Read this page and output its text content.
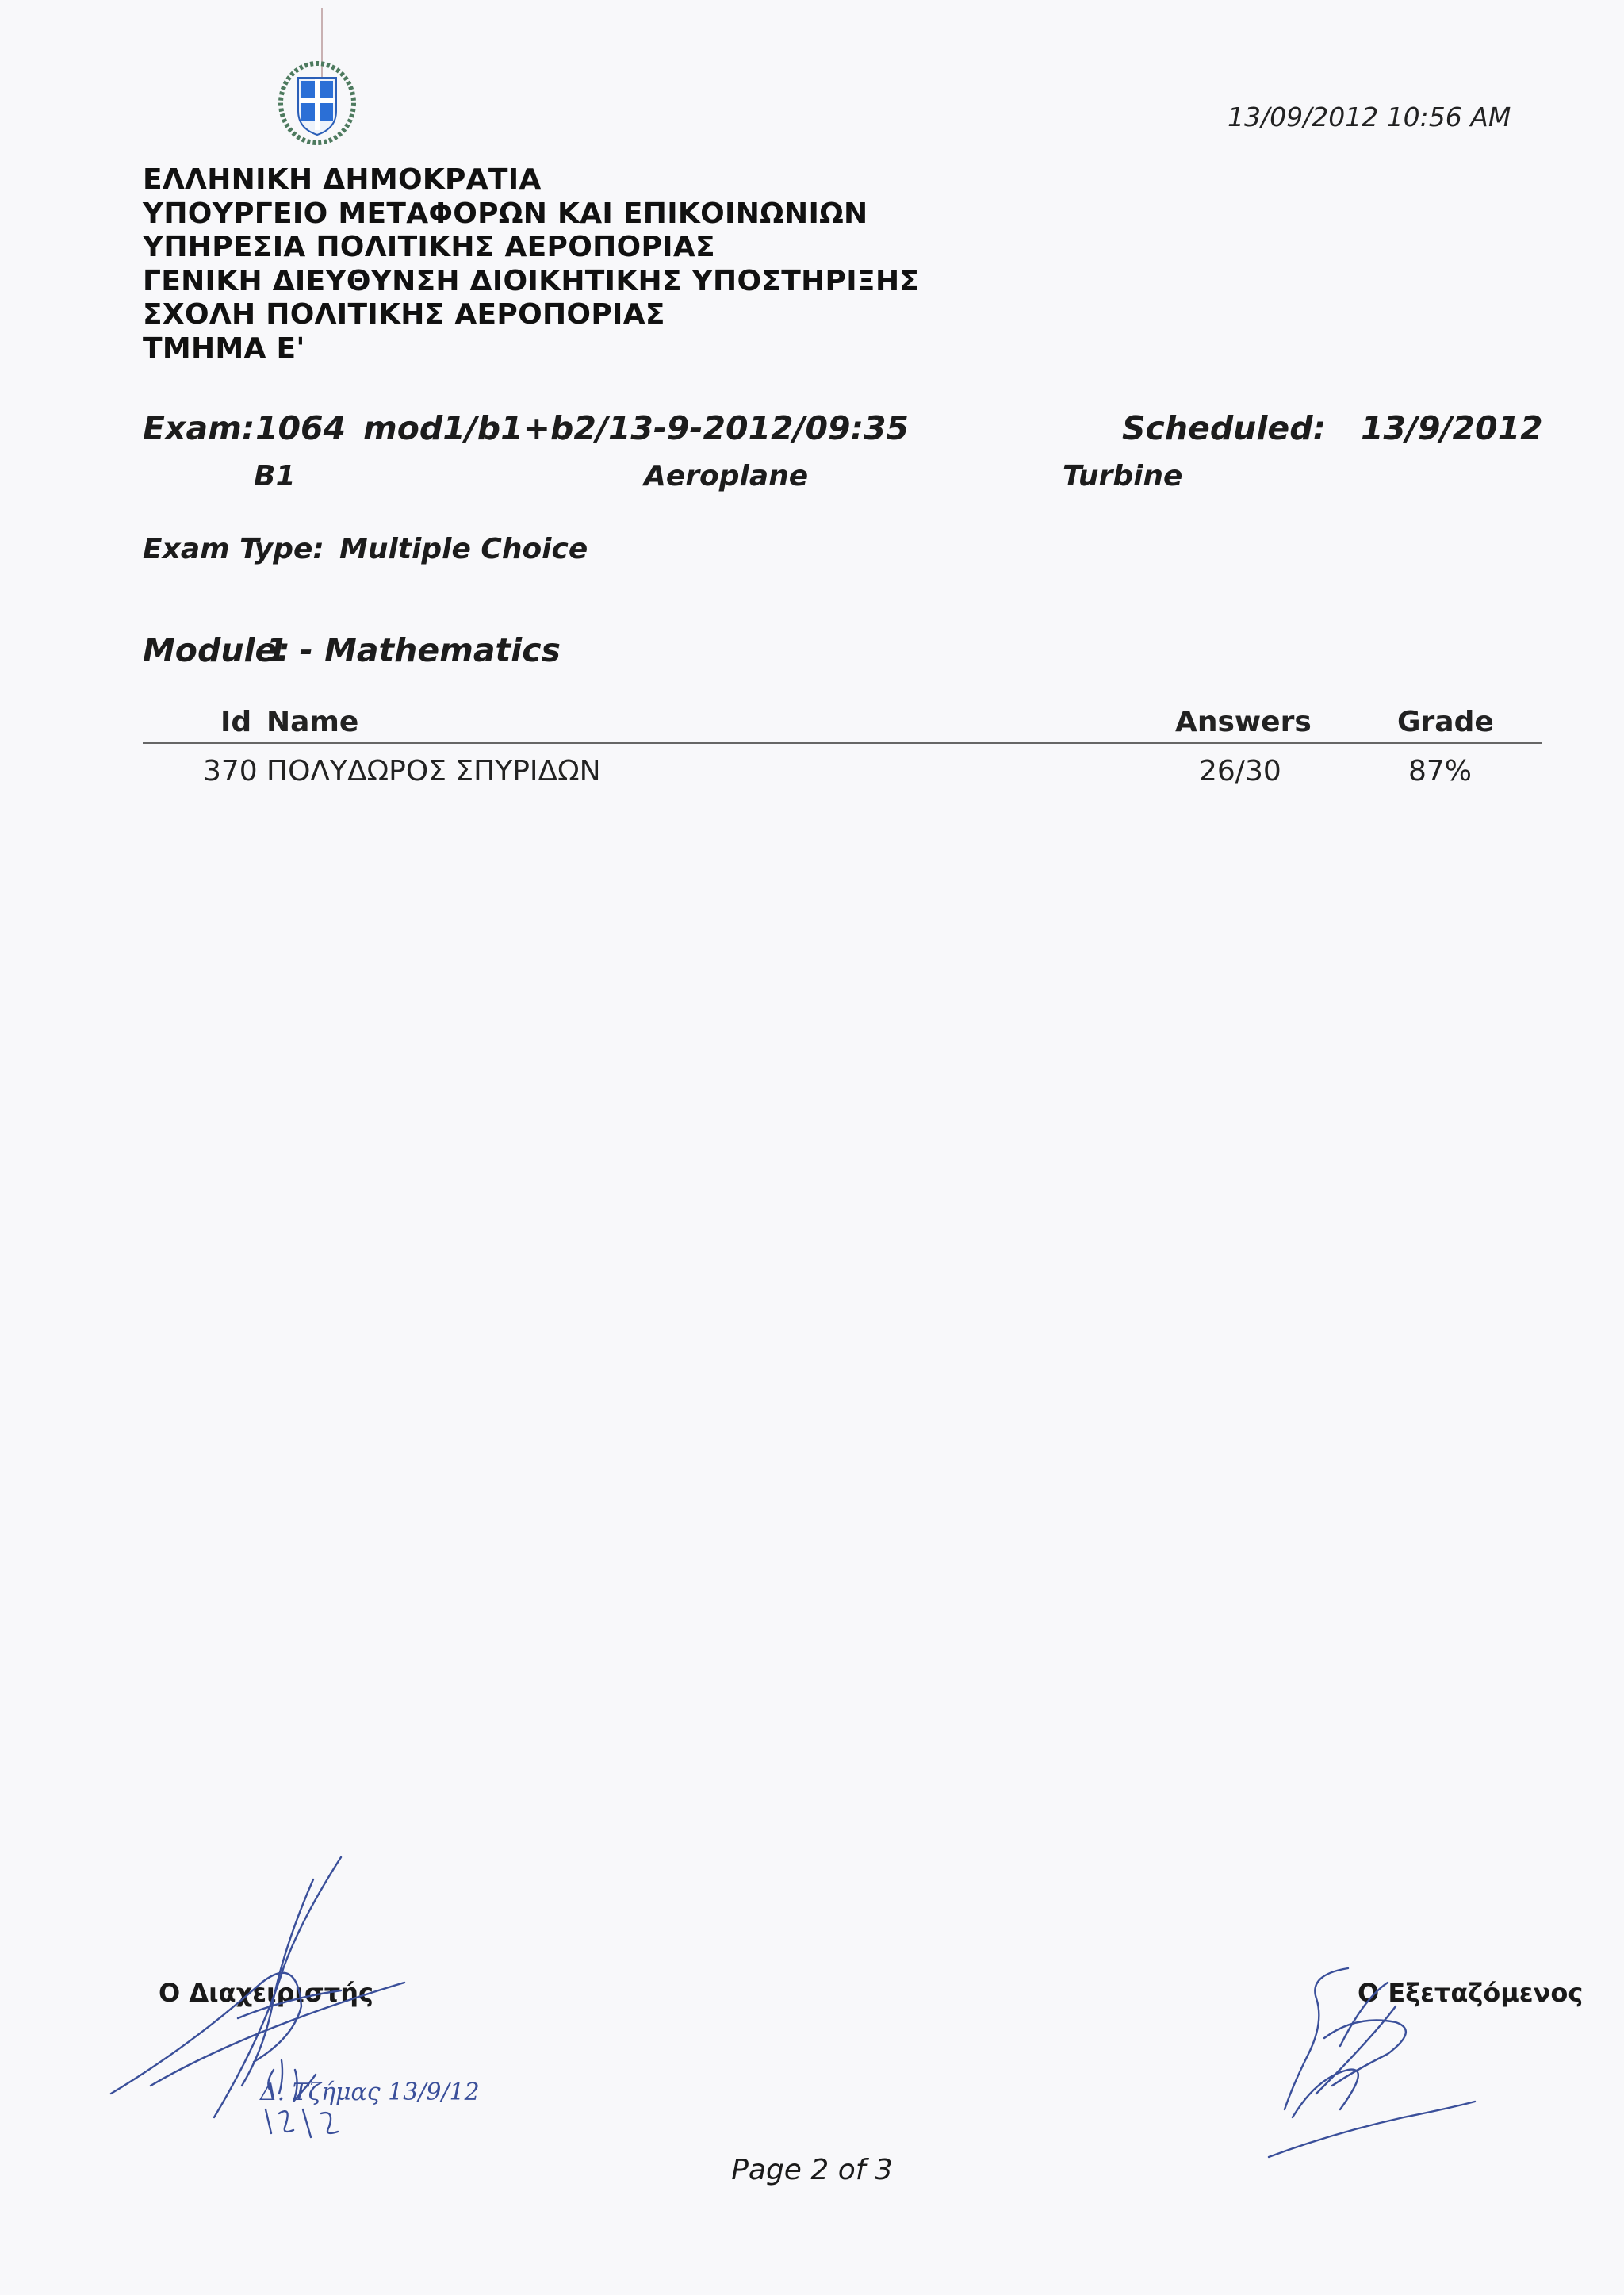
13/09/2012 10:56 AM
ΕΛΛΗΝΙΚΗ ΔΗΜΟΚΡΑΤΙΑ
ΥΠΟΥΡΓΕΙΟ ΜΕΤΑΦΟΡΩΝ ΚΑΙ ΕΠΙΚΟΙΝΩΝΙΩΝ
ΥΠΗΡΕΣΙΑ ΠΟΛΙΤΙΚΗΣ ΑΕΡΟΠΟΡΙΑΣ
ΓΕΝΙΚΗ ΔΙΕΥΘΥΝΣΗ ΔΙΟΙΚΗΤΙΚΗΣ ΥΠΟΣΤΗΡΙΞΗΣ
ΣΧΟΛΗ ΠΟΛΙΤΙΚΗΣ ΑΕΡΟΠΟΡΙΑΣ
ΤΜΗΜΑ Ε'
Exam: 1064 mod1/b1+b2/13-9-2012/09:35	Scheduled: 13/9/2012
B1	Aeroplane	Turbine
Exam Type: Multiple Choice
Module:
1 - Mathematics
Id Name	Answers	Grade
370 ΠΟΛΥΔΩΡΟΣ ΣΠΥΡΙΔΩΝ	26/30	87%
Ο Διαχειριστής	Ο Εξεταζόμενος
Δ. Τζήμας 13/9/12
Page 2 of 3
